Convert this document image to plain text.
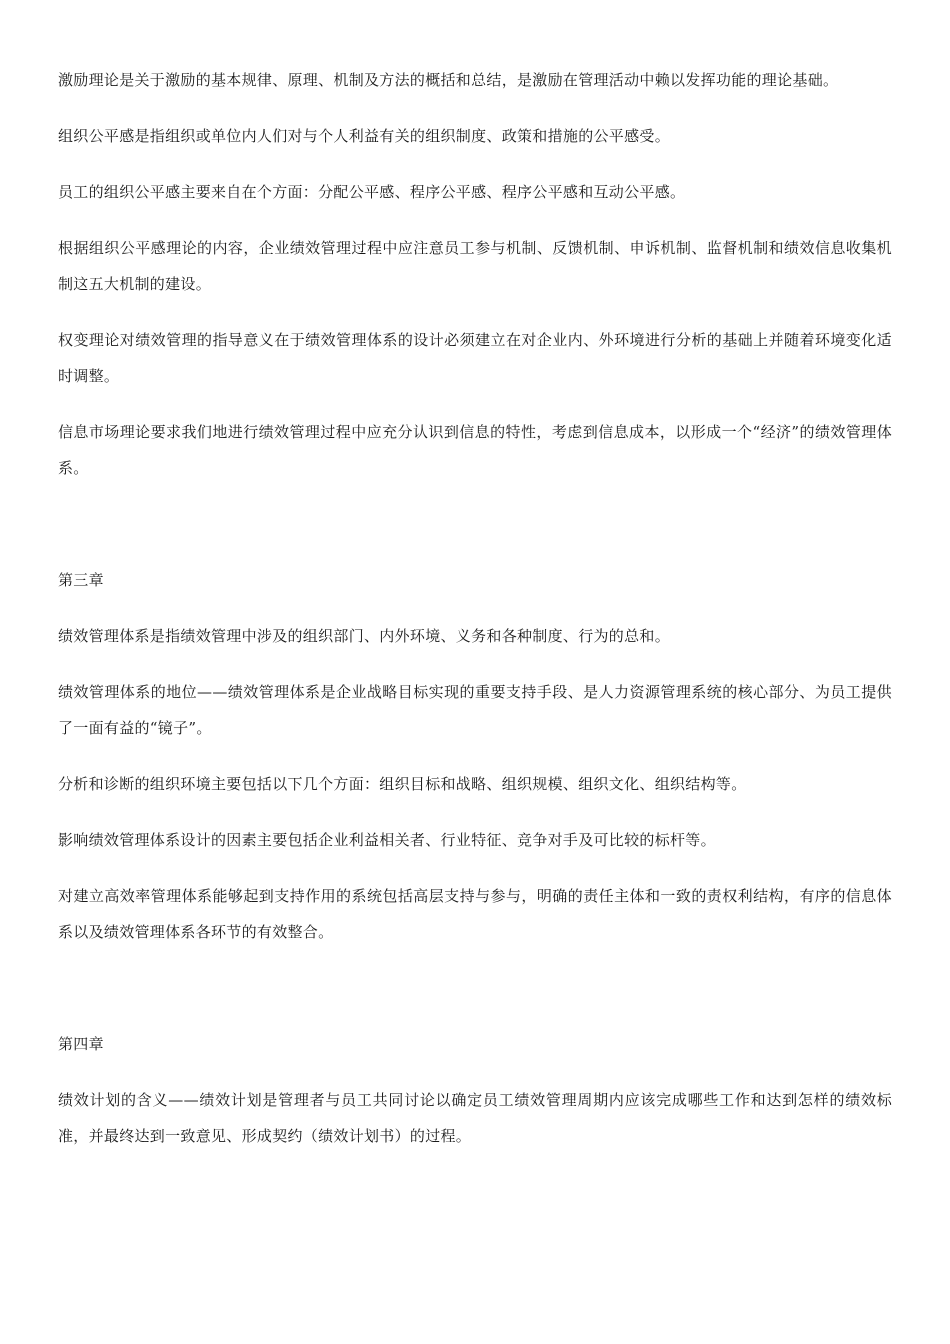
激励理论是关于激励的基本规律、原理、机制及方法的概括和总结，是激励在管理活动中赖以发挥功能的理论基础。

组织公平感是指组织或单位内人们对与个人利益有关的组织制度、政策和措施的公平感受。

员工的组织公平感主要来自在个方面：分配公平感、程序公平感、程序公平感和互动公平感。

根据组织公平感理论的内容，企业绩效管理过程中应注意员工参与机制、反馈机制、申诉机制、监督机制和绩效信息收集机制这五大机制的建设。

权变理论对绩效管理的指导意义在于绩效管理体系的设计必须建立在对企业内、外环境进行分析的基础上并随着环境变化适时调整。

信息市场理论要求我们地进行绩效管理过程中应充分认识到信息的特性，考虑到信息成本，以形成一个“经济”的绩效管理体系。

第三章

绩效管理体系是指绩效管理中涉及的组织部门、内外环境、义务和各种制度、行为的总和。

绩效管理体系的地位——绩效管理体系是企业战略目标实现的重要支持手段、是人力资源管理系统的核心部分、为员工提供了一面有益的“镜子”。

分析和诊断的组织环境主要包括以下几个方面：组织目标和战略、组织规模、组织文化、组织结构等。

影响绩效管理体系设计的因素主要包括企业利益相关者、行业特征、竞争对手及可比较的标杆等。

对建立高效率管理体系能够起到支持作用的系统包括高层支持与参与，明确的责任主体和一致的责权利结构，有序的信息体系以及绩效管理体系各环节的有效整合。

第四章

绩效计划的含义——绩效计划是管理者与员工共同讨论以确定员工绩效管理周期内应该完成哪些工作和达到怎样的绩效标准，并最终达到一致意见、形成契约（绩效计划书）的过程。
